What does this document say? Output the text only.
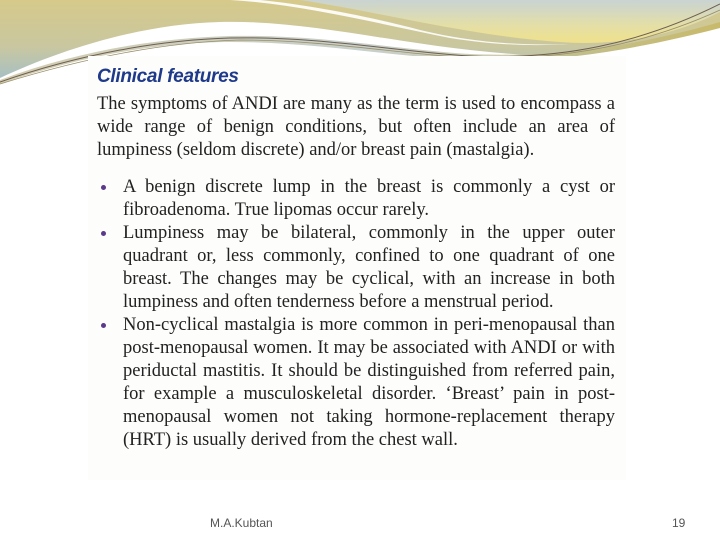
Clinical features
The symptoms of ANDI are many as the term is used to encompass a wide range of benign conditions, but often include an area of lumpiness (seldom discrete) and/or breast pain (mastalgia).
A benign discrete lump in the breast is commonly a cyst or fibroadenoma. True lipomas occur rarely.
Lumpiness may be bilateral, commonly in the upper outer quadrant or, less commonly, confined to one quadrant of one breast. The changes may be cyclical, with an increase in both lumpiness and often tenderness before a menstrual period.
Non-cyclical mastalgia is more common in peri-menopausal than post-menopausal women. It may be associated with ANDI or with periductal mastitis. It should be distinguished from referred pain, for example a musculoskeletal disorder. ‘Breast’ pain in post-menopausal women not taking hormone-replacement therapy (HRT) is usually derived from the chest wall.
M.A.Kubtan	19
